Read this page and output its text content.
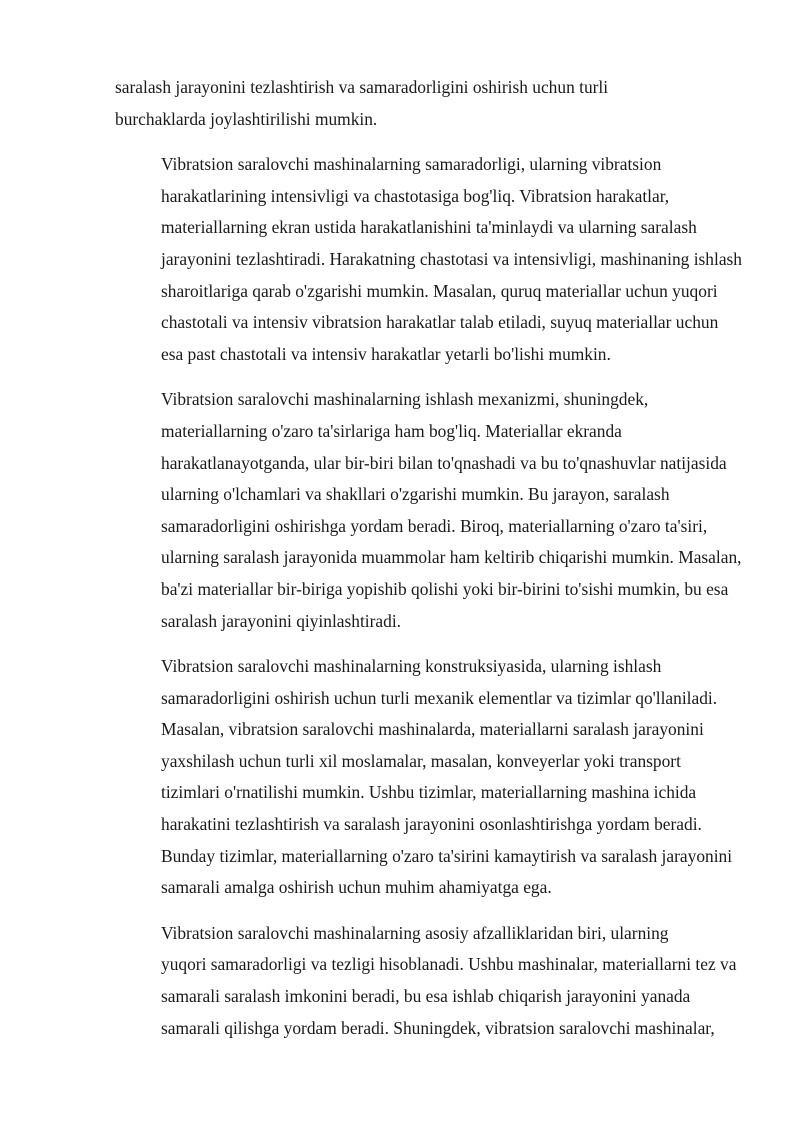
saralash jarayonini tezlashtirish va samaradorligini oshirish uchun turli
burchaklarda joylashtirilishi mumkin.

Vibratsion saralovchi mashinalarning samaradorligi, ularning vibratsion
harakatlarining intensivligi va chastotasiga bog'liq. Vibratsion harakatlar,
materiallarning ekran ustida harakatlanishini ta'minlaydi va ularning saralash
jarayonini tezlashtiradi. Harakatning chastotasi va intensivligi, mashinaning ishlash
sharoitlariga qarab o'zgarishi mumkin. Masalan, quruq materiallar uchun yuqori
chastotali va intensiv vibratsion harakatlar talab etiladi, suyuq materiallar uchun
esa past chastotali va intensiv harakatlar yetarli bo'lishi mumkin.

Vibratsion saralovchi mashinalarning ishlash mexanizmi, shuningdek,
materiallarning o'zaro ta'sirlariga ham bog'liq. Materiallar ekranda
harakatlanayotganda, ular bir-biri bilan to'qnashadi va bu to'qnashuvlar natijasida
ularning o'lchamlari va shakllari o'zgarishi mumkin. Bu jarayon, saralash
samaradorligini oshirishga yordam beradi. Biroq, materiallarning o'zaro ta'siri,
ularning saralash jarayonida muammolar ham keltirib chiqarishi mumkin. Masalan,
ba'zi materiallar bir-biriga yopishib qolishi yoki bir-birini to'sishi mumkin, bu esa
saralash jarayonini qiyinlashtiradi.

Vibratsion saralovchi mashinalarning konstruksiyasida, ularning ishlash
samaradorligini oshirish uchun turli mexanik elementlar va tizimlar qo'llaniladi.
Masalan, vibratsion saralovchi mashinalarda, materiallarni saralash jarayonini
yaxshilash uchun turli xil moslamalar, masalan, konveyerlar yoki transport
tizimlari o'rnatilishi mumkin. Ushbu tizimlar, materiallarning mashina ichida
harakatini tezlashtirish va saralash jarayonini osonlashtirishga yordam beradi.
Bunday tizimlar, materiallarning o'zaro ta'sirini kamaytirish va saralash jarayonini
samarali amalga oshirish uchun muhim ahamiyatga ega.

Vibratsion saralovchi mashinalarning asosiy afzalliklaridan biri, ularning
yuqori samaradorligi va tezligi hisoblanadi. Ushbu mashinalar, materiallarni tez va
samarali saralash imkonini beradi, bu esa ishlab chiqarish jarayonini yanada
samarali qilishga yordam beradi. Shuningdek, vibratsion saralovchi mashinalar,
